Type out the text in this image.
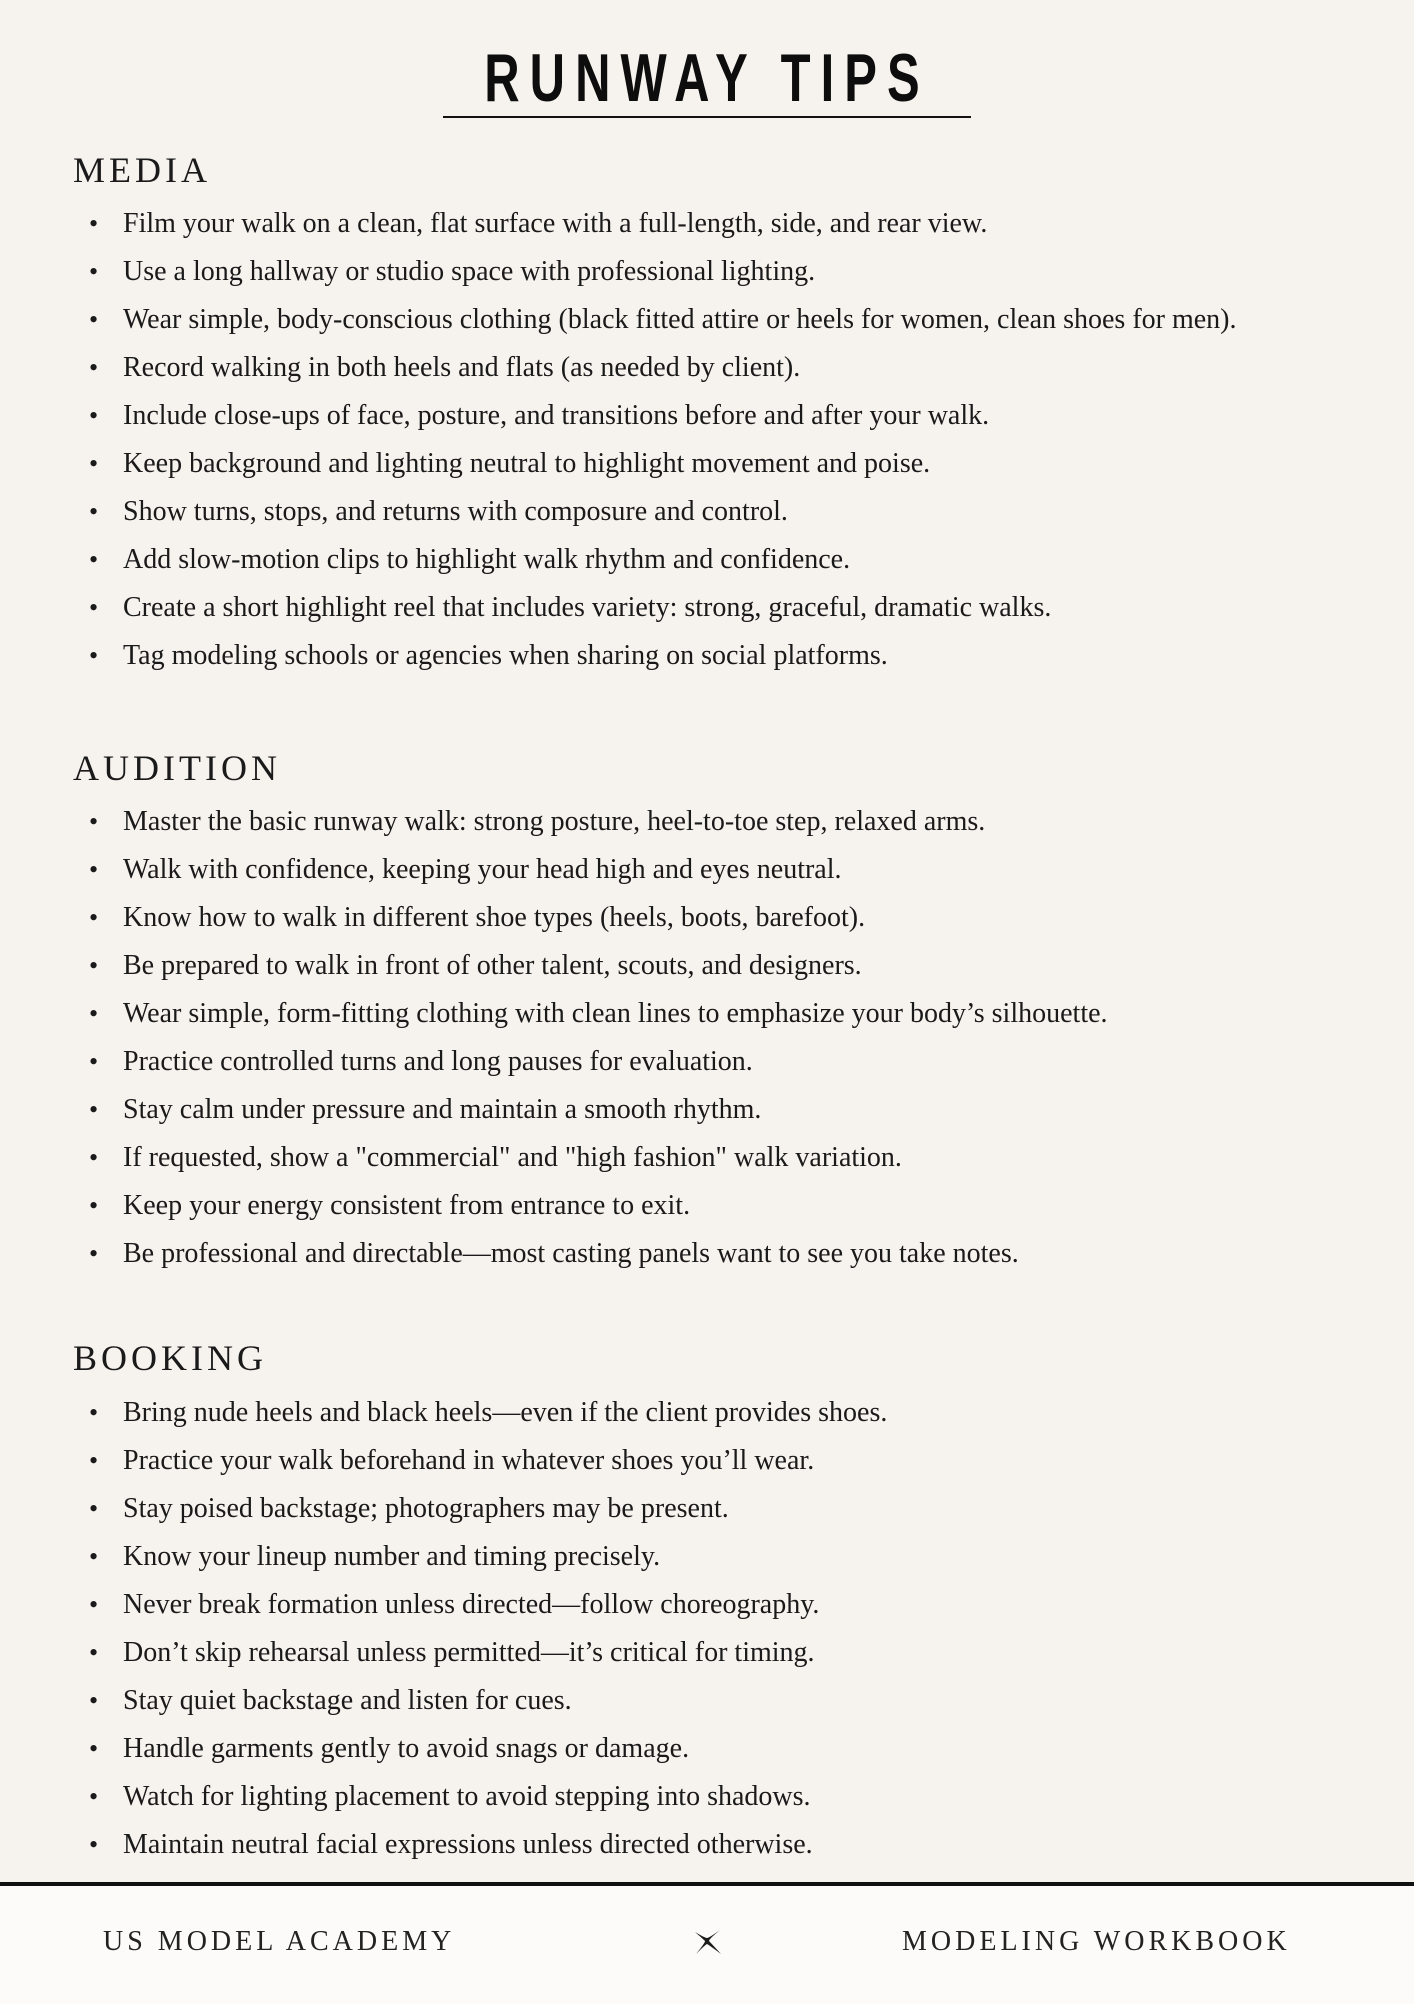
RUNWAY TIPS
MEDIA
• Film your walk on a clean, flat surface with a full-length, side, and rear view.
• Use a long hallway or studio space with professional lighting.
• Wear simple, body-conscious clothing (black fitted attire or heels for women, clean shoes for men).
• Record walking in both heels and flats (as needed by client).
• Include close-ups of face, posture, and transitions before and after your walk.
• Keep background and lighting neutral to highlight movement and poise.
• Show turns, stops, and returns with composure and control.
• Add slow-motion clips to highlight walk rhythm and confidence.
• Create a short highlight reel that includes variety: strong, graceful, dramatic walks.
• Tag modeling schools or agencies when sharing on social platforms.
AUDITION
• Master the basic runway walk: strong posture, heel-to-toe step, relaxed arms.
• Walk with confidence, keeping your head high and eyes neutral.
• Know how to walk in different shoe types (heels, boots, barefoot).
• Be prepared to walk in front of other talent, scouts, and designers.
• Wear simple, form-fitting clothing with clean lines to emphasize your body’s silhouette.
• Practice controlled turns and long pauses for evaluation.
• Stay calm under pressure and maintain a smooth rhythm.
• If requested, show a "commercial" and "high fashion" walk variation.
• Keep your energy consistent from entrance to exit.
• Be professional and directable—most casting panels want to see you take notes.
BOOKING
• Bring nude heels and black heels—even if the client provides shoes.
• Practice your walk beforehand in whatever shoes you’ll wear.
• Stay poised backstage; photographers may be present.
• Know your lineup number and timing precisely.
• Never break formation unless directed—follow choreography.
• Don’t skip rehearsal unless permitted—it’s critical for timing.
• Stay quiet backstage and listen for cues.
• Handle garments gently to avoid snags or damage.
• Watch for lighting placement to avoid stepping into shadows.
• Maintain neutral facial expressions unless directed otherwise.
US MODEL ACADEMY	MODELING WORKBOOK
